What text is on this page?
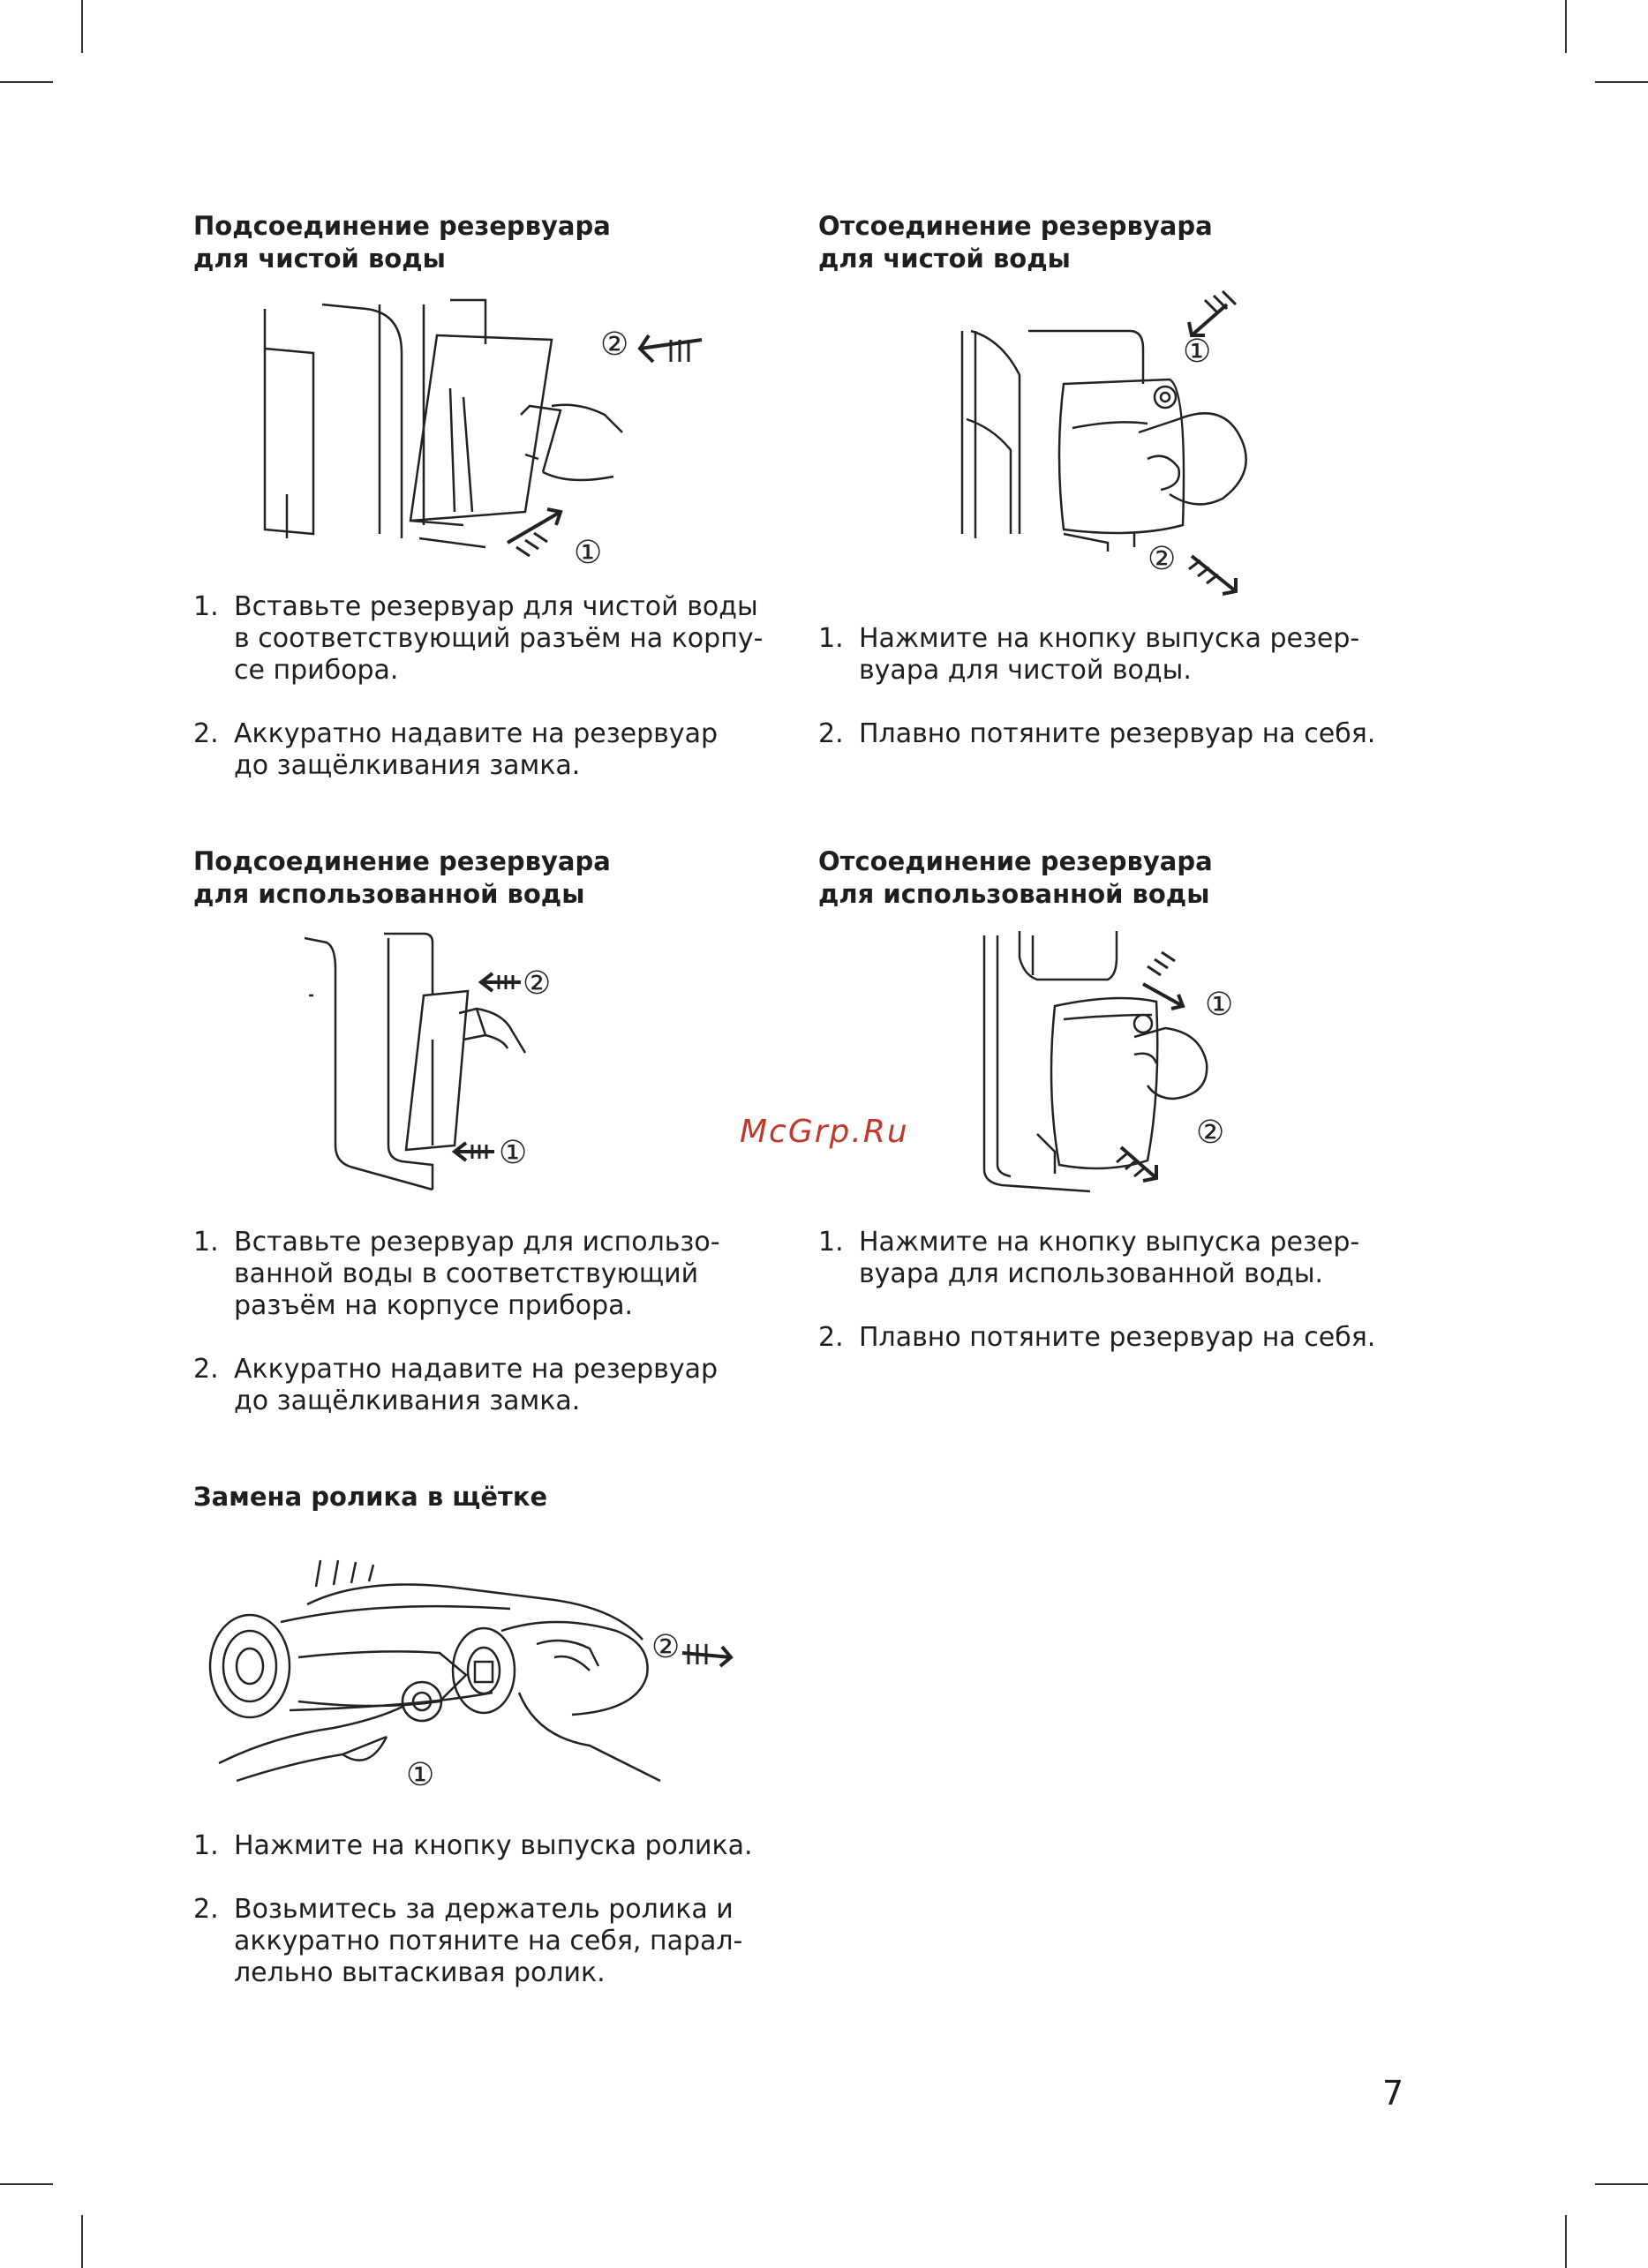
Подсоединение резервуара
для чистой воды
1. Вставьте резервуар для чистой воды
в соответствующий разъём на корпу-
се прибора.
2. Аккуратно надавите на резервуар
до защёлкивания замка.
②
①
Отсоединение резервуара
для чистой воды
1. Нажмите на кнопку выпуска резер-
вуара для чистой воды.
2. Плавно потяните резервуар на себя.
①
②
Подсоединение резервуара
для использованной воды
1. Вставьте резервуар для использо-
ванной воды в соответствующий
разъём на корпусе прибора.
2. Аккуратно надавите на резервуар
до защёлкивания замка.
②
①
Отсоединение резервуара
для использованной воды
1. Нажмите на кнопку выпуска резер-
вуара для использованной воды.
2. Плавно потяните резервуар на себя.
①
②
Замена ролика в щётке
1. Нажмите на кнопку выпуска ролика.
2. Возьмитесь за держатель ролика и
аккуратно потяните на себя, парал-
лельно вытаскивая ролик.
②
①
McGrp.Ru
7
